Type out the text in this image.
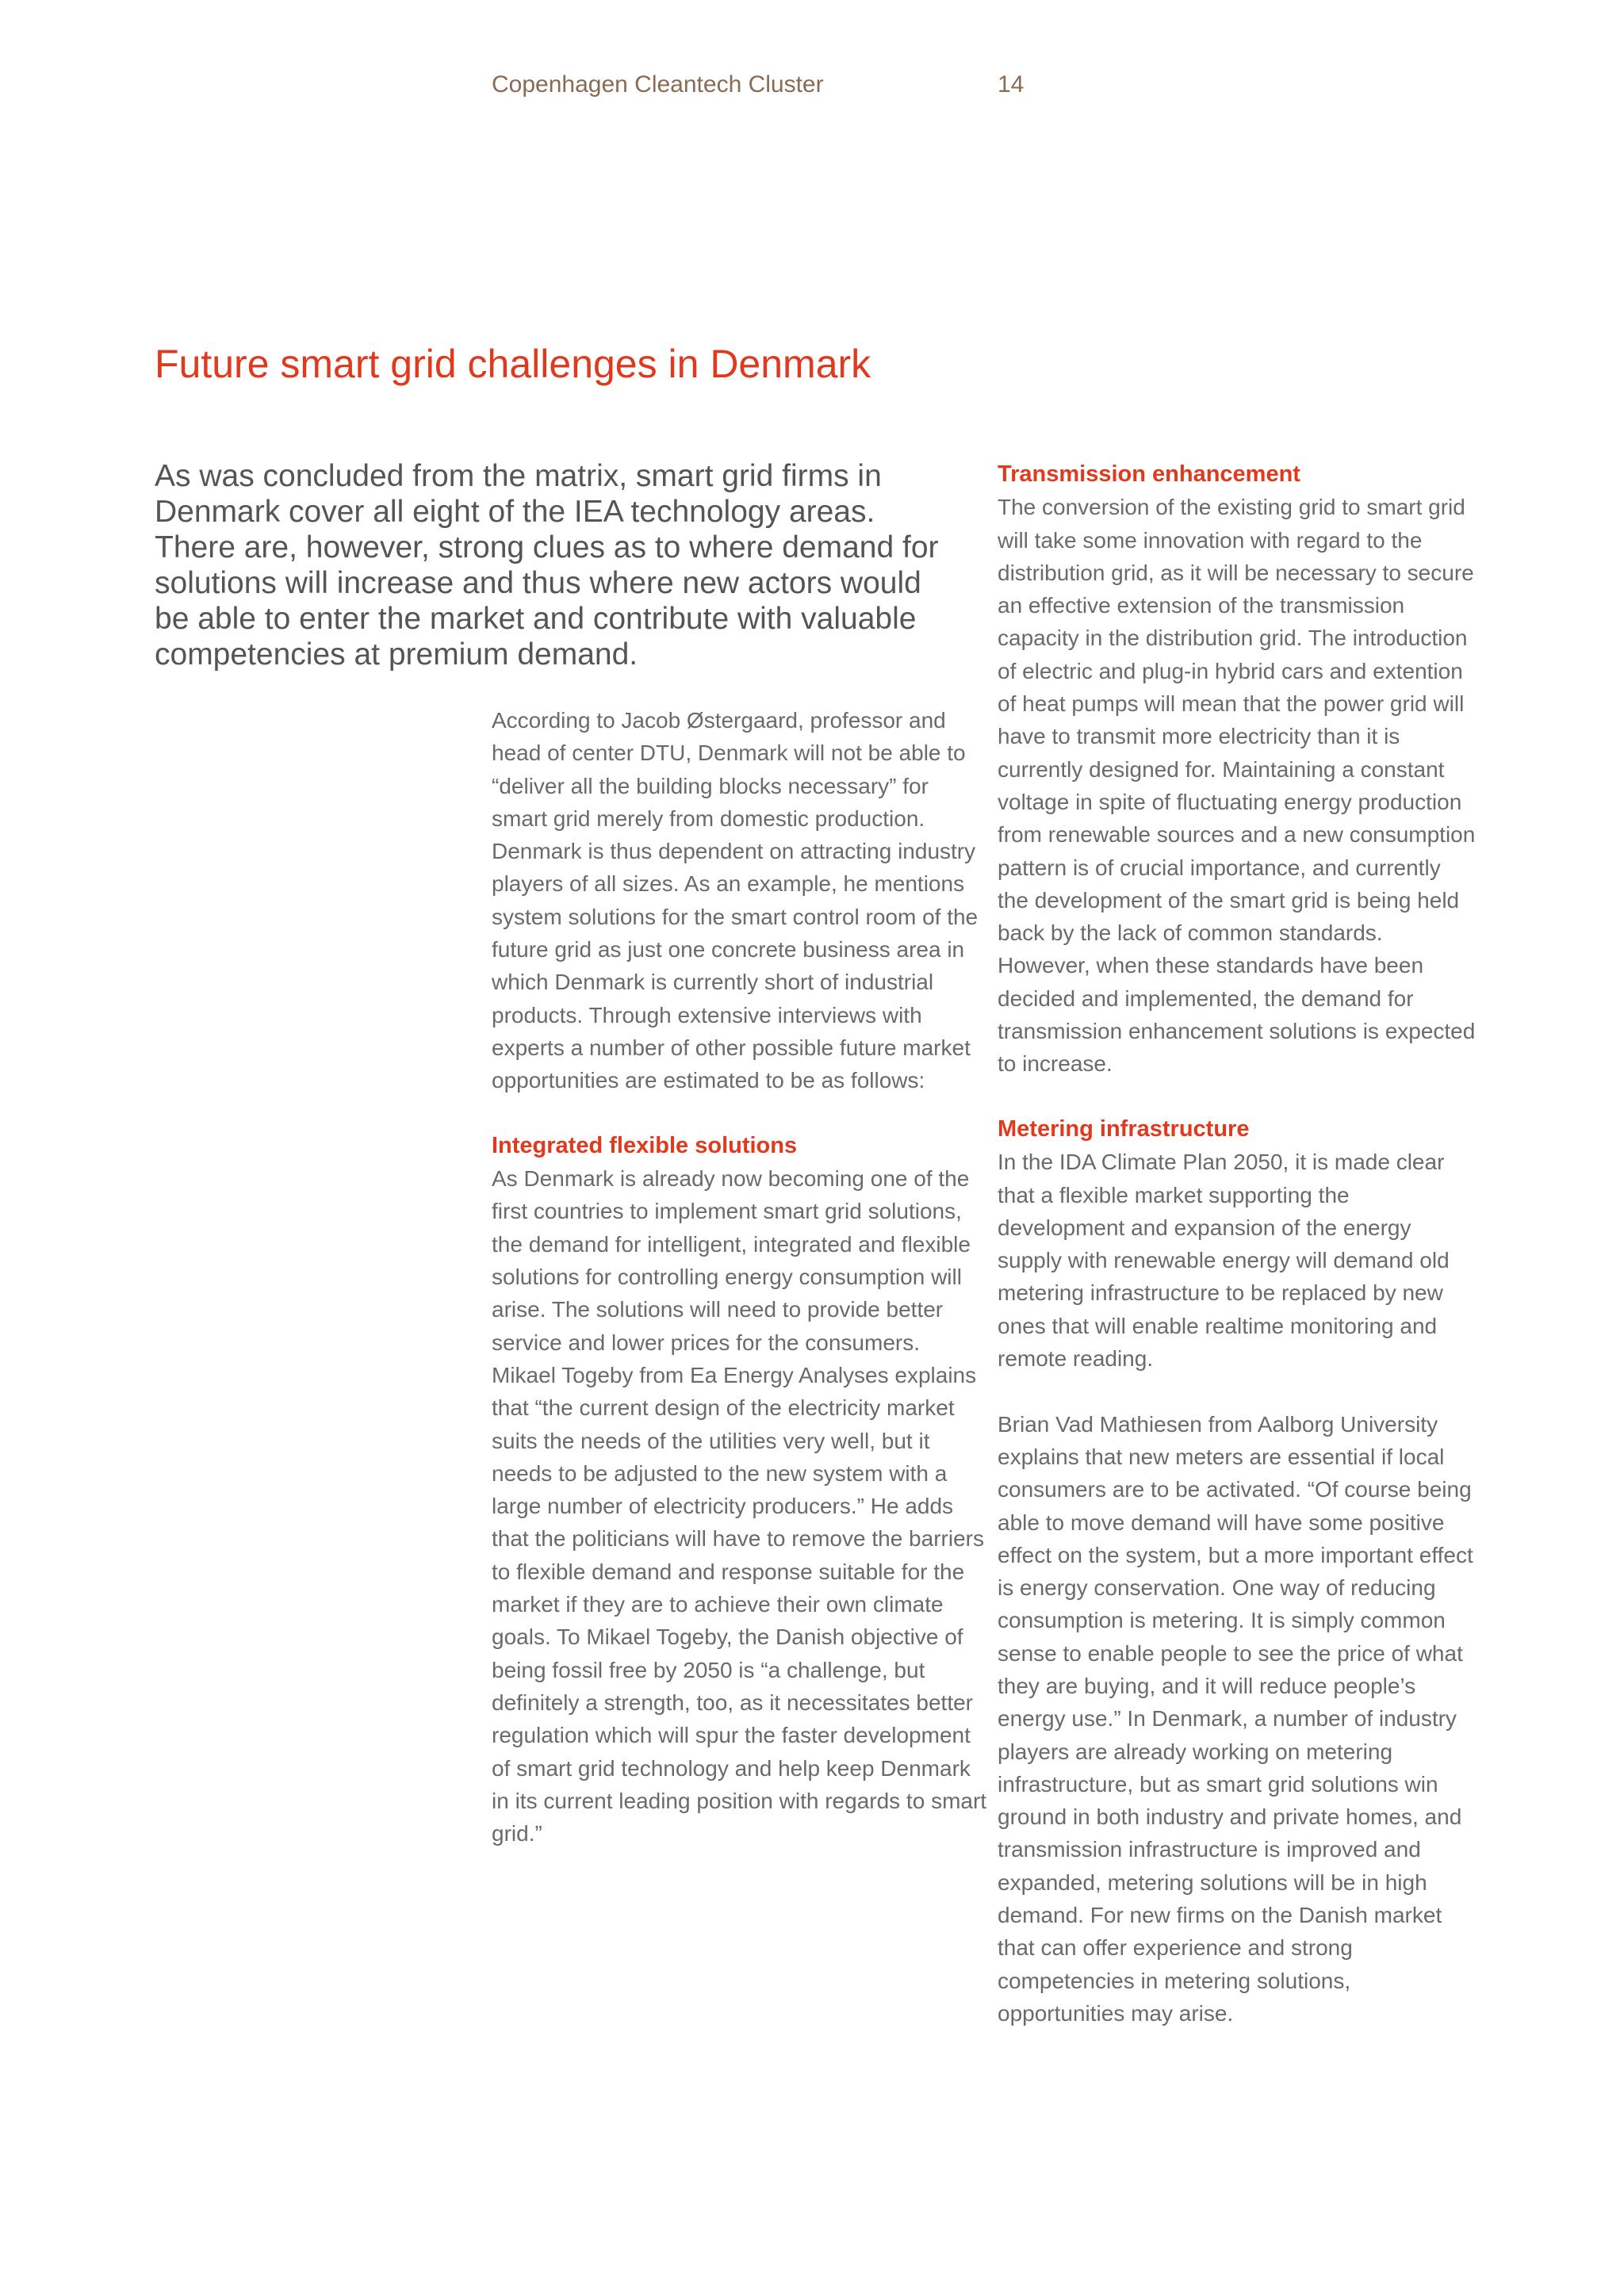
Copenhagen Cleantech Cluster	14
Future smart grid challenges in Denmark

As was concluded from the matrix, smart grid firms in Denmark cover all eight of the IEA technology areas. There are, however, strong clues as to where demand for solutions will increase and thus where new actors would be able to enter the market and contribute with valuable competencies at premium demand.

According to Jacob Østergaard, professor and head of center DTU, Denmark will not be able to “deliver all the building blocks necessary” for smart grid merely from domestic production. Denmark is thus dependent on attracting industry players of all sizes. As an example, he mentions system solutions for the smart control room of the future grid as just one concrete business area in which Denmark is currently short of industrial products. Through extensive interviews with experts a number of other possible future market opportunities are estimated to be as follows:

Integrated flexible solutions

As Denmark is already now becoming one of the first countries to implement smart grid solutions, the demand for intelligent, integrated and flexible solutions for controlling energy consumption will arise. The solutions will need to provide better service and lower prices for the consumers. Mikael Togeby from Ea Energy Analyses explains that “the current design of the electricity market suits the needs of the utilities very well, but it needs to be adjusted to the new system with a large number of electricity producers.” He adds that the politicians will have to remove the barriers to flexible demand and response suitable for the market if they are to achieve their own climate goals. To Mikael Togeby, the Danish objective of being fossil free by 2050 is “a challenge, but definitely a strength, too, as it necessitates better regulation which will spur the faster development of smart grid technology and help keep Denmark in its current leading position with regards to smart grid.”

Transmission enhancement

The conversion of the existing grid to smart grid will take some innovation with regard to the distribution grid, as it will be necessary to secure an effective extension of the transmission capacity in the distribution grid. The introduction of electric and plug-in hybrid cars and extention of heat pumps will mean that the power grid will have to transmit more electricity than it is currently designed for. Maintaining a constant voltage in spite of fluctuating energy production from renewable sources and a new consumption pattern is of crucial importance, and currently the development of the smart grid is being held back by the lack of common standards. However, when these standards have been decided and implemented, the demand for transmission enhancement solutions is expected to increase.

Metering infrastructure

In the IDA Climate Plan 2050, it is made clear that a flexible market supporting the development and expansion of the energy supply with renewable energy will demand old metering infrastructure to be replaced by new ones that will enable realtime monitoring and remote reading.

Brian Vad Mathiesen from Aalborg University explains that new meters are essential if local consumers are to be activated. “Of course being able to move demand will have some positive effect on the system, but a more important effect is energy conservation. One way of reducing consumption is metering. It is simply common sense to enable people to see the price of what they are buying, and it will reduce people’s energy use.” In Denmark, a number of industry players are already working on metering infrastructure, but as smart grid solutions win ground in both industry and private homes, and transmission infrastructure is improved and expanded, metering solutions will be in high demand. For new firms on the Danish market that can offer experience and strong competencies in metering solutions, opportunities may arise.
